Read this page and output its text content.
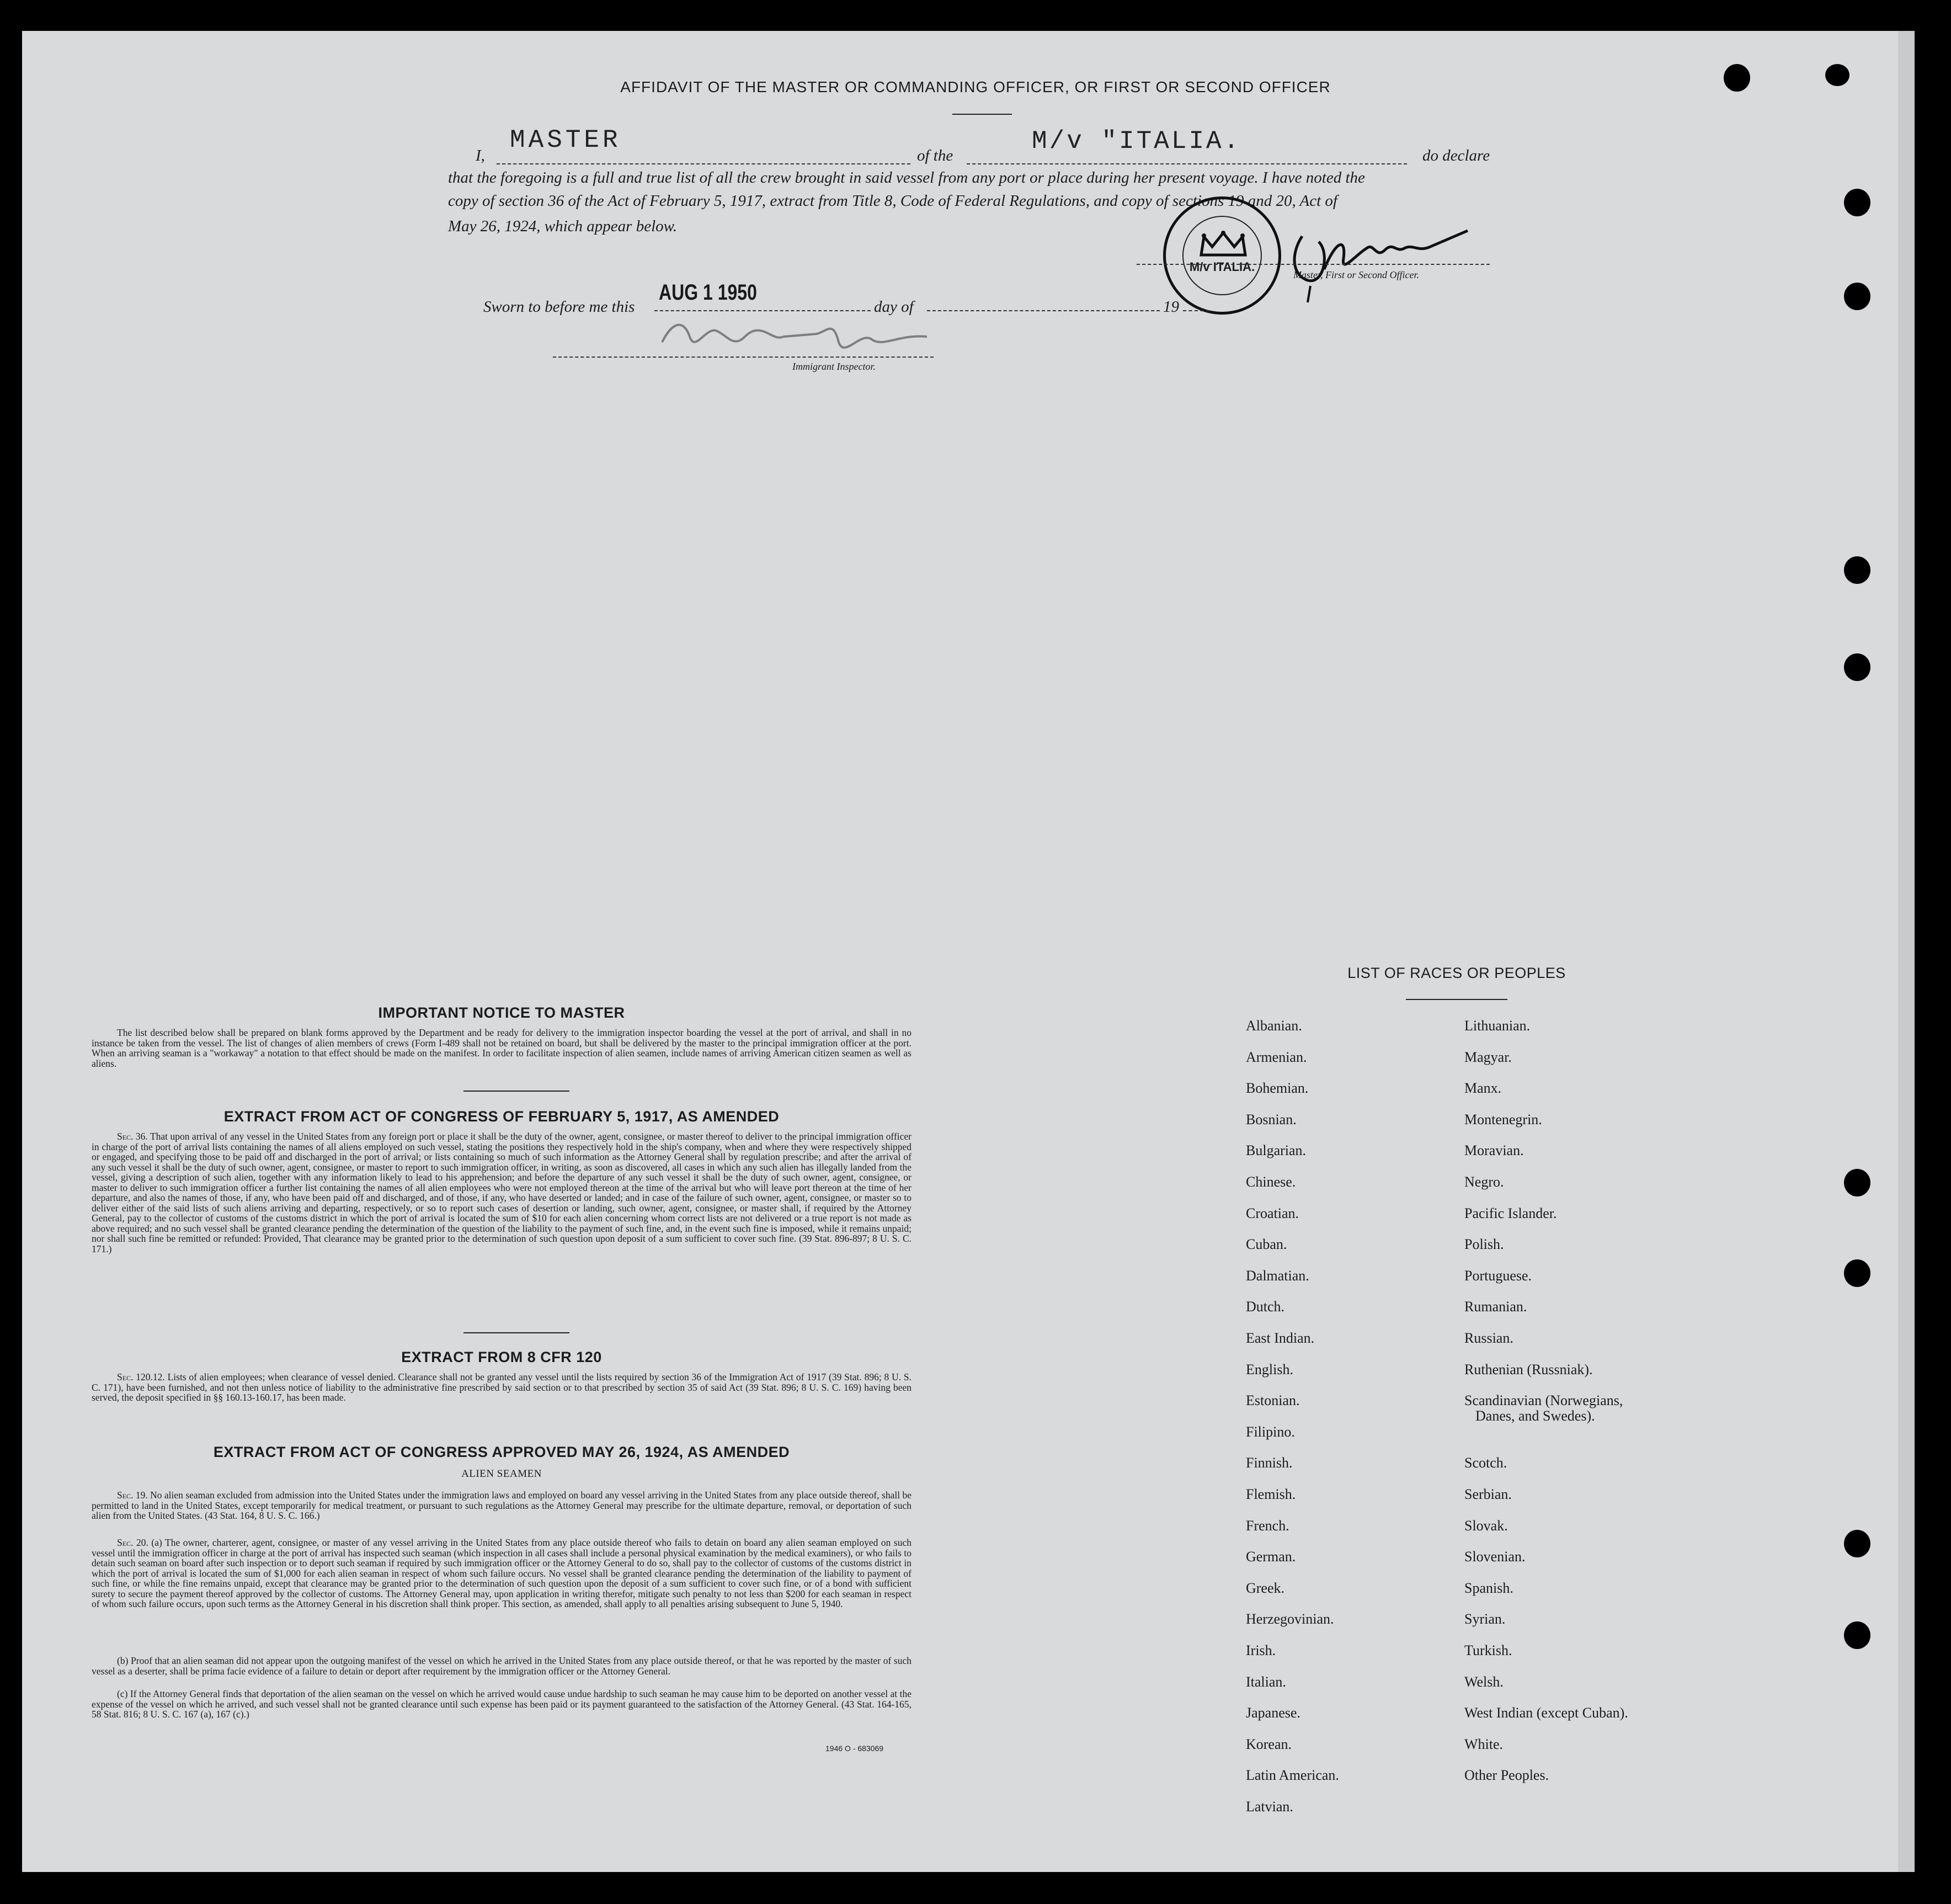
AFFIDAVIT OF THE MASTER OR COMMANDING OFFICER, OR FIRST OR SECOND OFFICER
I,
MASTER
of the	M/v "ITALIA.	do declare
that the foregoing is a full and true list of all the crew brought in said vessel from any port or place during her present voyage. I have noted the
copy of section 36 of the Act of February 5, 1917, extract from Title 8, Code of Federal Regulations, and copy of sections 19 and 20, Act of
May 26, 1924, which appear below.
M/v ITALIA.
Master, First or Second Officer.
Sworn to before me this
AUG 1 1950
day of	19
Immigrant Inspector.
IMPORTANT NOTICE TO MASTER
The list described below shall be prepared on blank forms approved by the Department and be ready for delivery to the immigration inspector boarding the vessel at the port of arrival, and shall in no instance be taken from the vessel. The list of changes of alien members of crews (Form I-489 shall not be retained on board, but shall be delivered by the master to the principal immigration officer at the port. When an arriving seaman is a "workaway" a notation to that effect should be made on the manifest. In order to facilitate inspection of alien seamen, include names of arriving American citizen seamen as well as aliens.
EXTRACT FROM ACT OF CONGRESS OF FEBRUARY 5, 1917, AS AMENDED
Sec. 36. That upon arrival of any vessel in the United States from any foreign port or place it shall be the duty of the owner, agent, consignee, or master thereof to deliver to the principal immigration officer in charge of the port of arrival lists containing the names of all aliens employed on such vessel, stating the positions they respectively hold in the ship's company, when and where they were respectively shipped or engaged, and specifying those to be paid off and discharged in the port of arrival; or lists containing so much of such information as the Attorney General shall by regulation prescribe; and after the arrival of any such vessel it shall be the duty of such owner, agent, consignee, or master to report to such immigration officer, in writing, as soon as discovered, all cases in which any such alien has illegally landed from the vessel, giving a description of such alien, together with any information likely to lead to his apprehension; and before the departure of any such vessel it shall be the duty of such owner, agent, consignee, or master to deliver to such immigration officer a further list containing the names of all alien employees who were not employed thereon at the time of the arrival but who will leave port thereon at the time of her departure, and also the names of those, if any, who have been paid off and discharged, and of those, if any, who have deserted or landed; and in case of the failure of such owner, agent, consignee, or master so to deliver either of the said lists of such aliens arriving and departing, respectively, or so to report such cases of desertion or landing, such owner, agent, consignee, or master shall, if required by the Attorney General, pay to the collector of customs of the customs district in which the port of arrival is located the sum of $10 for each alien concerning whom correct lists are not delivered or a true report is not made as above required; and no such vessel shall be granted clearance pending the determination of the question of the liability to the payment of such fine, and, in the event such fine is imposed, while it remains unpaid; nor shall such fine be remitted or refunded: Provided, That clearance may be granted prior to the determination of such question upon deposit of a sum sufficient to cover such fine. (39 Stat. 896-897; 8 U. S. C. 171.)
EXTRACT FROM 8 CFR 120
Sec. 120.12. Lists of alien employees; when clearance of vessel denied. Clearance shall not be granted any vessel until the lists required by section 36 of the Immigration Act of 1917 (39 Stat. 896; 8 U. S. C. 171), have been furnished, and not then unless notice of liability to the administrative fine prescribed by said section or to that prescribed by section 35 of said Act (39 Stat. 896; 8 U. S. C. 169) having been served, the deposit specified in §§ 160.13-160.17, has been made.
EXTRACT FROM ACT OF CONGRESS APPROVED MAY 26, 1924, AS AMENDED
ALIEN SEAMEN
Sec. 19. No alien seaman excluded from admission into the United States under the immigration laws and employed on board any vessel arriving in the United States from any place outside thereof, shall be permitted to land in the United States, except temporarily for medical treatment, or pursuant to such regulations as the Attorney General may prescribe for the ultimate departure, removal, or deportation of such alien from the United States. (43 Stat. 164, 8 U. S. C. 166.)
Sec. 20. (a) The owner, charterer, agent, consignee, or master of any vessel arriving in the United States from any place outside thereof who fails to detain on board any alien seaman employed on such vessel until the immigration officer in charge at the port of arrival has inspected such seaman (which inspection in all cases shall include a personal physical examination by the medical examiners), or who fails to detain such seaman on board after such inspection or to deport such seaman if required by such immigration officer or the Attorney General to do so, shall pay to the collector of customs of the customs district in which the port of arrival is located the sum of $1,000 for each alien seaman in respect of whom such failure occurs. No vessel shall be granted clearance pending the determination of the liability to payment of such fine, or while the fine remains unpaid, except that clearance may be granted prior to the determination of such question upon the deposit of a sum sufficient to cover such fine, or of a bond with sufficient surety to secure the payment thereof approved by the collector of customs. The Attorney General may, upon application in writing therefor, mitigate such penalty to not less than $200 for each seaman in respect of whom such failure occurs, upon such terms as the Attorney General in his discretion shall think proper. This section, as amended, shall apply to all penalties arising subsequent to June 5, 1940.
(b) Proof that an alien seaman did not appear upon the outgoing manifest of the vessel on which he arrived in the United States from any place outside thereof, or that he was reported by the master of such vessel as a deserter, shall be prima facie evidence of a failure to detain or deport after requirement by the immigration officer or the Attorney General.
(c) If the Attorney General finds that deportation of the alien seaman on the vessel on which he arrived would cause undue hardship to such seaman he may cause him to be deported on another vessel at the expense of the vessel on which he arrived, and such vessel shall not be granted clearance until such expense has been paid or its payment guaranteed to the satisfaction of the Attorney General. (43 Stat. 164-165, 58 Stat. 816; 8 U. S. C. 167 (a), 167 (c).)
1946 O - 683069
LIST OF RACES OR PEOPLES
Albanian.
Armenian.
Bohemian.
Bosnian.
Bulgarian.
Chinese.
Croatian.
Cuban.
Dalmatian.
Dutch.
East Indian.
English.
Estonian.
Filipino.
Finnish.
Flemish.
French.
German.
Greek.
Herzegovinian.
Irish.
Italian.
Japanese.
Korean.
Latin American.
Latvian.
Lithuanian.
Magyar.
Manx.
Montenegrin.
Moravian.
Negro.
Pacific Islander.
Polish.
Portuguese.
Rumanian.
Russian.
Ruthenian (Russniak).
Scandinavian (Norwegians,
Danes, and Swedes).
Scotch.
Serbian.
Slovak.
Slovenian.
Spanish.
Syrian.
Turkish.
Welsh.
West Indian (except Cuban).
White.
Other Peoples.
